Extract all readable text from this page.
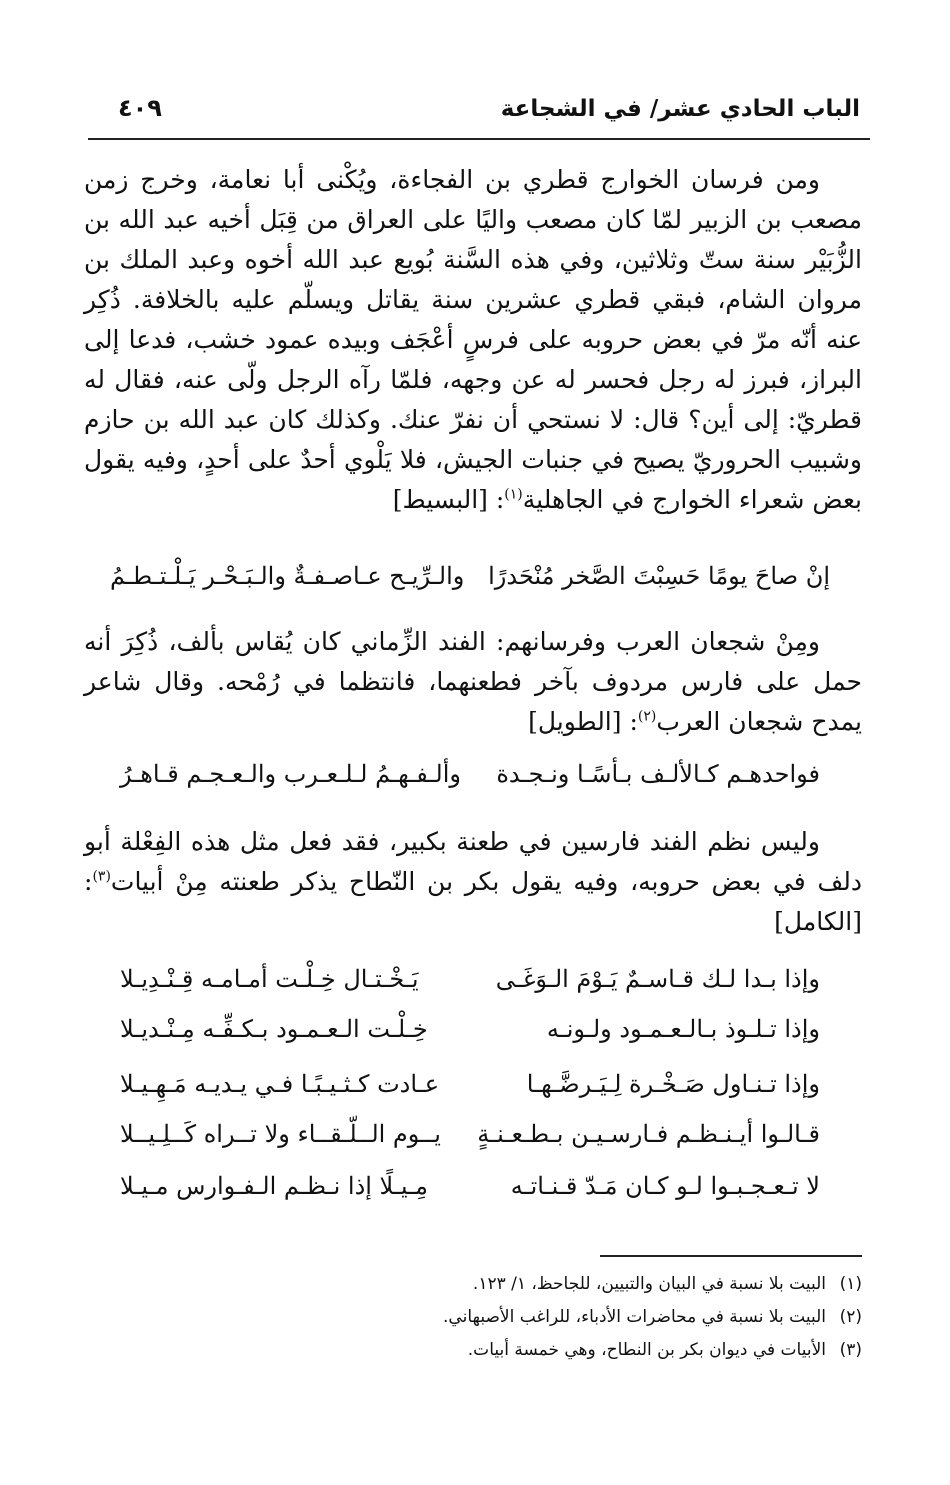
الباب الحادي عشر/ في الشجاعة
٤٠٩

ومن فرسان الخوارج قطري بن الفجاءة، ويُكْنى أبا نعامة، وخرج زمن مصعب بن الزبير لمّا كان مصعب واليًا على العراق من قِبَل أخيه عبد الله بن الزُّبَيْر سنة ستّ وثلاثين، وفي هذه السَّنة بُويع عبد الله أخوه وعبد الملك بن مروان الشام، فبقي قطري عشرين سنة يقاتل ويسلّم عليه بالخلافة. ذُكِر عنه أنّه مرّ في بعض حروبه على فرسٍ أعْجَف وبيده عمود خشب، فدعا إلى البراز، فبرز له رجل فحسر له عن وجهه، فلمّا رآه الرجل ولّى عنه، فقال له قطريّ: إلى أين؟ قال: لا نستحي أن نفرّ عنك. وكذلك كان عبد الله بن حازم وشبيب الحروريّ يصيح في جنبات الجيش، فلا يَلْوي أحدٌ على أحدٍ، وفيه يقول بعض شعراء الخوارج في الجاهلية$^{(١)}$: [البسيط]

إنْ صاحَ يومًا حَسِبْتَ الصَّخر مُنْحَدرًا
والـرِّيـح عـاصـفـةٌ والـبَـحْـر يَـلْـتـطـمُ

ومِنْ شجعان العرب وفرسانهم: الفند الزِّماني كان يُقاس بألف، ذُكِرَ أنه حمل على فارس مردوف بآخر فطعنهما، فانتظما في رُمْحه. وقال شاعر يمدح شجعان العرب$^{(٢)}$: [الطويل]

فواحدهـم كـالألـف بـأسًـا ونـجـدة
وألـفـهـمُ لـلـعـرب والـعـجـم قـاهـرُ

وليس نظم الفند فارسين في طعنة بكبير، فقد فعل مثل هذه الفِعْلة أبو دلف في بعض حروبه، وفيه يقول بكر بن النّطاح يذكر طعنته مِنْ أبيات$^{(٣)}$: [الكامل]

وإذا بـدا لـك قـاسـمٌ يَـوْمَ الـوَغَـى
يَـخْـتـال خِـلْـت أمـامـه قِـنْـدِيـلا
وإذا تـلـوذ بـالـعـمـود ولـونـه
خِـلْـت الـعـمـود بـكـفِّـه مِـنْـديـلا
وإذا تـنـاول صَـخْـرة لِـيَـرضَّـهـا
عـادت كـثـيـبًـا فـي يـديـه مَـهِـيـلا
قـالـوا أيـنـظـم فـارسـيـن بـطـعـنـةٍ
يــوم الــلّـقــاء ولا تــراه كَــلِـيــلا
لا تـعـجـبـوا لـو كـان مَـدّ قـنـاتـه
مِـيـلًا إذا نـظـم الـفـوارس مـيـلا
(١)البيت بلا نسبة في البيان والتبيين، للجاحظ، ١/ ١٢٣.
(٢)البيت بلا نسبة في محاضرات الأدباء، للراغب الأصبهاني.
(٣)الأبيات في ديوان بكر بن النطاح، وهي خمسة أبيات.
